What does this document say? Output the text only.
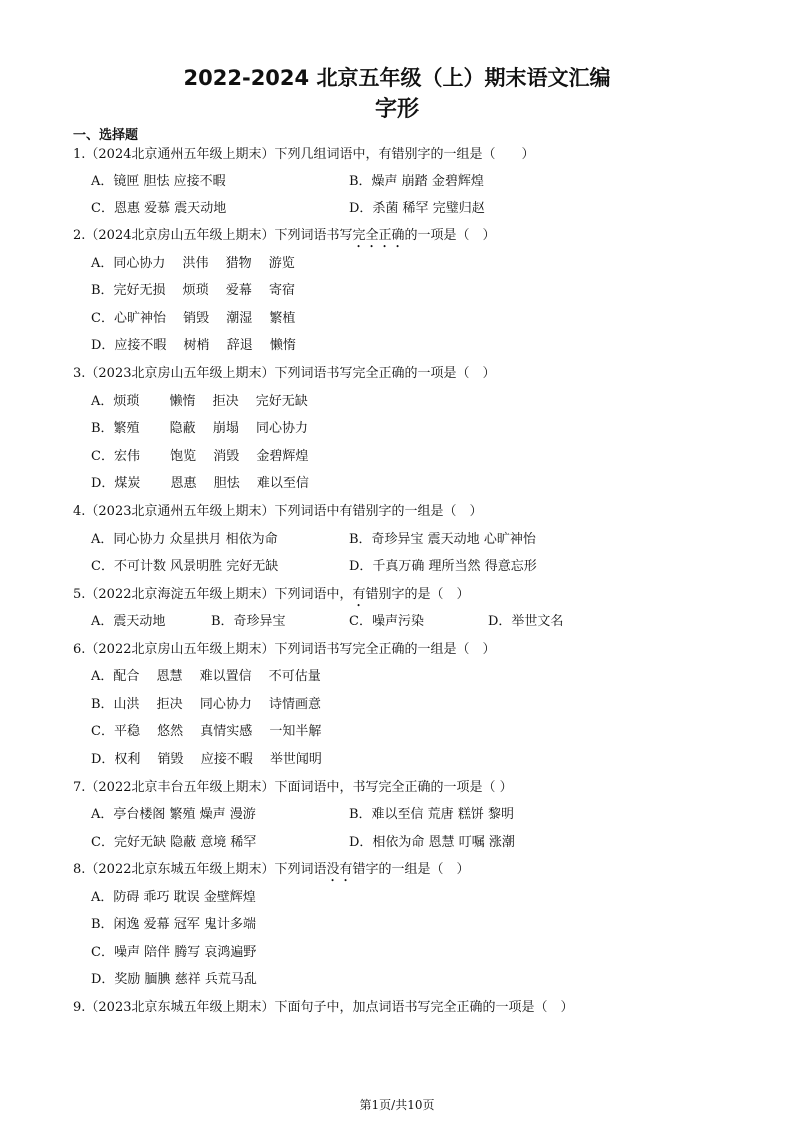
2022-2024 北京五年级（上）期末语文汇编
字形
一、选择题
1.（2024北京通州五年级上期末）下列几组词语中，有错别字的一组是（　　）
A．镜匣 胆怯 应接不暇	B．燥声 崩踏 金碧辉煌
C．恩惠 爱慕 震天动地	D．杀菌 稀罕 完璧归赵
2.（2024北京房山五年级上期末）下列词语书写完全正确的一项是（　）
A．同心协力　 洪伟　 猎物　 游览
B．完好无损　 烦琐　 爱幕　 寄宿
C．心旷神怡　 销毁　 潮湿　 繁植
D．应接不暇　 树梢　 辞退　 懒惰
3.（2023北京房山五年级上期末）下列词语书写完全正确的一项是（　）
A．烦琐　　 懒惰　 拒决　 完好无缺
B．繁殖　　 隐蔽　 崩塌　 同心协力
C．宏伟　　 饱览　 消毁　 金碧辉煌
D．煤炭　　 恩惠　 胆怯　 难以至信
4.（2023北京通州五年级上期末）下列词语中有错别字的一组是（　）
A．同心协力 众星拱月 相依为命	B．奇珍异宝 震天动地 心旷神怡
C．不可计数 风景明胜 完好无缺	D．千真万确 理所当然 得意忘形
5.（2022北京海淀五年级上期末）下列词语中，有错别字的是（　）
A．震天动地	B．奇珍异宝	C．噪声污染	D．举世文名
6.（2022北京房山五年级上期末）下列词语书写完全正确的一组是（　）
A．配合　 恩慧　 难以置信　 不可估量
B．山洪　 拒决　 同心协力　 诗情画意
C．平稳　 悠然　 真情实感　 一知半解
D．权利　 销毁　 应接不暇　 举世闻明
7.（2022北京丰台五年级上期末）下面词语中，书写完全正确的一项是（ ）
A．亭台楼阁 繁殖 燥声 漫游	B．难以至信 荒唐 糕饼 黎明
C．完好无缺 隐蔽 意境 稀罕	D．相依为命 恩慧 叮嘱 涨潮
8.（2022北京东城五年级上期末）下列词语没有错字的一组是（　）
A．防碍 乖巧 耽误 金壁辉煌
B．闲逸 爱幕 冠军 鬼计多端
C．噪声 陪伴 腾写 哀鸿遍野
D．奖励 腼腆 慈祥 兵荒马乱
9.（2023北京东城五年级上期末）下面句子中，加点词语书写完全正确的一项是（　）
第1页/共10页
